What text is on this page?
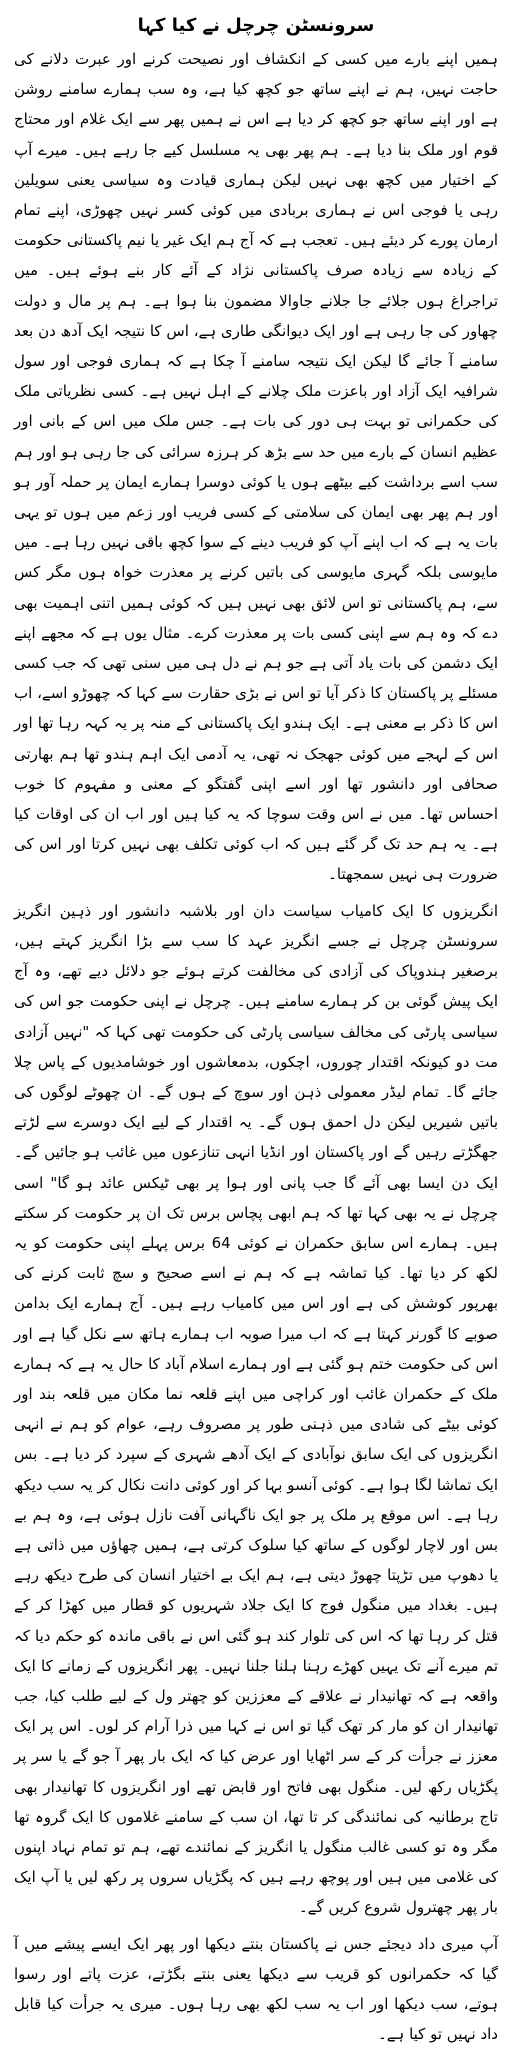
سرونسٹن چرچل نے کیا کہا

ہمیں اپنے بارے میں کسی کے انکشاف اور نصیحت کرنے اور عبرت دلانے کی حاجت نہیں، ہم نے اپنے ساتھ جو کچھ کیا ہے، وہ سب ہمارے سامنے روشن ہے اور اپنے ساتھ جو کچھ کر دیا ہے اس نے ہمیں پھر سے ایک غلام اور محتاج قوم اور ملک بنا دیا ہے۔ ہم پھر بھی یہ مسلسل کیے جا رہے ہیں۔ میرے آپ کے اختیار میں کچھ بھی نہیں لیکن ہماری قیادت وہ سیاسی یعنی سویلین رہی یا فوجی اس نے ہماری بربادی میں کوئی کسر نہیں چھوڑی، اپنے تمام ارمان پورے کر دیئے ہیں۔ تعجب ہے کہ آج ہم ایک غیر یا نیم پاکستانی حکومت کے زیادہ سے زیادہ صرف پاکستانی نژاد کے آئے کار بنے ہوئے ہیں۔ میں تراجراغ ہوں جلائے جا جلانے جاوالا مضمون بنا ہوا ہے۔ ہم پر مال و دولت چھاور کی جا رہی ہے اور ایک دیوانگی طاری ہے، اس کا نتیجہ ایک آدھ دن بعد سامنے آ جائے گا لیکن ایک نتیجہ سامنے آ چکا ہے کہ ہماری فوجی اور سول شرافیہ ایک آزاد اور باعزت ملک چلانے کے اہل نہیں ہے۔ کسی نظریاتی ملک کی حکمرانی تو بہت ہی دور کی بات ہے۔ جس ملک میں اس کے بانی اور عظیم انسان کے بارے میں حد سے بڑھ کر ہرزہ سرائی کی جا رہی ہو اور ہم سب اسے برداشت کیے بیٹھے ہوں یا کوئی دوسرا ہمارے ایمان پر حملہ آور ہو اور ہم پھر بھی ایمان کی سلامتی کے کسی فریب اور زعم میں ہوں تو یہی بات یہ ہے کہ اب اپنے آپ کو فریب دینے کے سوا کچھ باقی نہیں رہا ہے۔ میں مایوسی بلکہ گہری مایوسی کی باتیں کرنے پر معذرت خواہ ہوں مگر کس سے، ہم پاکستانی تو اس لائق بھی نہیں ہیں کہ کوئی ہمیں اتنی اہمیت بھی دے کہ وہ ہم سے اپنی کسی بات پر معذرت کرے۔ مثال یوں ہے کہ مجھے اپنے ایک دشمن کی بات یاد آتی ہے جو ہم نے دل ہی میں سنی تھی کہ جب کسی مسئلے پر پاکستان کا ذکر آیا تو اس نے بڑی حقارت سے کہا کہ چھوڑو اسے، اب اس کا ذکر بے معنی ہے۔ ایک ہندو ایک پاکستانی کے منہ پر یہ کہہ رہا تھا اور اس کے لہجے میں کوئی جھجک نہ تھی، یہ آدمی ایک اہم ہندو تھا ہم بھارتی صحافی اور دانشور تھا اور اسے اپنی گفتگو کے معنی و مفہوم کا خوب احساس تھا۔ میں نے اس وقت سوچا کہ یہ کیا ہیں اور اب ان کی اوقات کیا ہے۔ یہ ہم حد تک گر گئے ہیں کہ اب کوئی تکلف بھی نہیں کرتا اور اس کی ضرورت ہی نہیں سمجھتا۔

انگریزوں کا ایک کامیاب سیاست دان اور بلاشبہ دانشور اور ذہین انگریز سرونسٹن چرچل نے جسے انگریز عہد کا سب سے بڑا انگریز کہتے ہیں، برصغیر ہندوپاک کی آزادی کی مخالفت کرتے ہوئے جو دلائل دیے تھے، وہ آج ایک پیش گوئی بن کر ہمارے سامنے ہیں۔ چرچل نے اپنی حکومت جو اس کی سیاسی پارٹی کی مخالف سیاسی پارٹی کی حکومت تھی کہا کہ "نہیں آزادی مت دو کیونکہ اقتدار چوروں، اچکوں، بدمعاشوں اور خوشامدیوں کے پاس چلا جائے گا۔ تمام لیڈر معمولی ذہن اور سوچ کے ہوں گے۔ ان چھوٹے لوگوں کی باتیں شیریں لیکن دل احمق ہوں گے۔ یہ اقتدار کے لیے ایک دوسرے سے لڑتے جھگڑتے رہیں گے اور پاکستان اور انڈیا انہی تنازعوں میں غائب ہو جائیں گے۔ ایک دن ایسا بھی آئے گا جب پانی اور ہوا پر بھی ٹیکس عائد ہو گا" اسی چرچل نے یہ بھی کہا تھا کہ ہم ابھی پچاس برس تک ان پر حکومت کر سکتے ہیں۔ ہمارے اس سابق حکمران نے کوئی 64 برس پہلے اپنی حکومت کو یہ لکھ کر دیا تھا۔ کیا تماشہ ہے کہ ہم نے اسے صحیح و سچ ثابت کرنے کی بھرپور کوشش کی ہے اور اس میں کامیاب رہے ہیں۔ آج ہمارے ایک بدامن صوبے کا گورنر کہتا ہے کہ اب میرا صوبہ اب ہمارے ہاتھ سے نکل گیا ہے اور اس کی حکومت ختم ہو گئی ہے اور ہمارے اسلام آباد کا حال یہ ہے کہ ہمارے ملک کے حکمران غائب اور کراچی میں اپنے قلعہ نما مکان میں قلعہ بند اور کوئی بیٹے کی شادی میں ذہنی طور پر مصروف رہے، عوام کو ہم نے انہی انگریزوں کی ایک سابق نوآبادی کے ایک آدھے شہری کے سپرد کر دیا ہے۔ بس ایک تماشا لگا ہوا ہے۔ کوئی آنسو بہا کر اور کوئی دانت نکال کر یہ سب دیکھ رہا ہے۔ اس موقع پر ملک پر جو ایک ناگہانی آفت نازل ہوئی ہے، وہ ہم بے بس اور لاچار لوگوں کے ساتھ کیا سلوک کرتی ہے، ہمیں چھاؤں میں ذاتی ہے یا دھوپ میں تڑپتا چھوڑ دیتی ہے، ہم ایک بے اختیار انسان کی طرح دیکھ رہے ہیں۔ بغداد میں منگول فوج کا ایک جلاد شہریوں کو قطار میں کھڑا کر کے قتل کر رہا تھا کہ اس کی تلوار کند ہو گئی اس نے باقی ماندہ کو حکم دیا کہ تم میرے آنے تک یہیں کھڑے رہنا ہلنا جلنا نہیں۔ پھر انگریزوں کے زمانے کا ایک واقعہ ہے کہ تھانیدار نے علاقے کے معززین کو چھتر ول کے لیے طلب کیا، جب تھانیدار ان کو مار کر تھک گیا تو اس نے کہا میں ذرا آرام کر لوں۔ اس پر ایک معزز نے جرأت کر کے سر اٹھایا اور عرض کیا کہ ایک بار پھر آ جو گے یا سر پر پگڑیاں رکھ لیں۔ منگول بھی فاتح اور قابض تھے اور انگریزوں کا تھانیدار بھی تاج برطانیہ کی نمائندگی کر تا تھا، ان سب کے سامنے غلاموں کا ایک گروہ تھا مگر وہ تو کسی غالب منگول یا انگریز کے نمائندے تھے، ہم تو تمام نہاد اپنوں کی غلامی میں ہیں اور پوچھ رہے ہیں کہ پگڑیاں سروں پر رکھ لیں یا آپ ایک بار پھر چھترول شروع کریں گے۔

آپ میری داد دیجئے جس نے پاکستان بنتے دیکھا اور پھر ایک ایسے پیشے میں آ گیا کہ حکمرانوں کو قریب سے دیکھا یعنی بنتے بگڑتے، عزت پاتے اور رسوا ہوتے، سب دیکھا اور اب یہ سب لکھ بھی رہا ہوں۔ میری یہ جرأت کیا قابل داد نہیں تو کیا ہے۔
